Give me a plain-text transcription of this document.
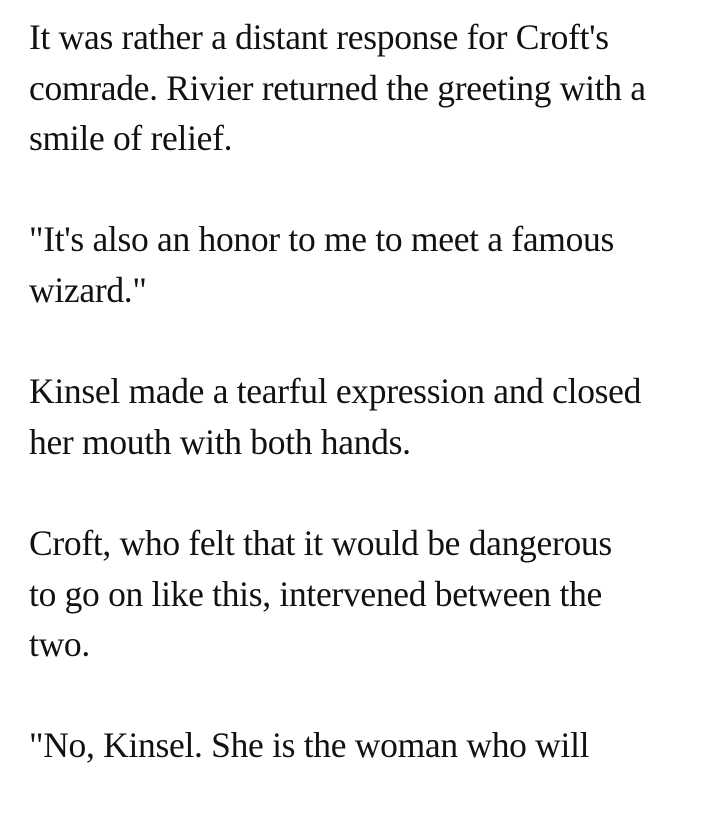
It was rather a distant response for Croft's
comrade. Rivier returned the greeting with a
smile of relief.

"It's also an honor to me to meet a famous
wizard."

Kinsel made a tearful expression and closed
her mouth with both hands.

Croft, who felt that it would be dangerous
to go on like this, intervened between the
two.

"No, Kinsel. She is the woman who will
